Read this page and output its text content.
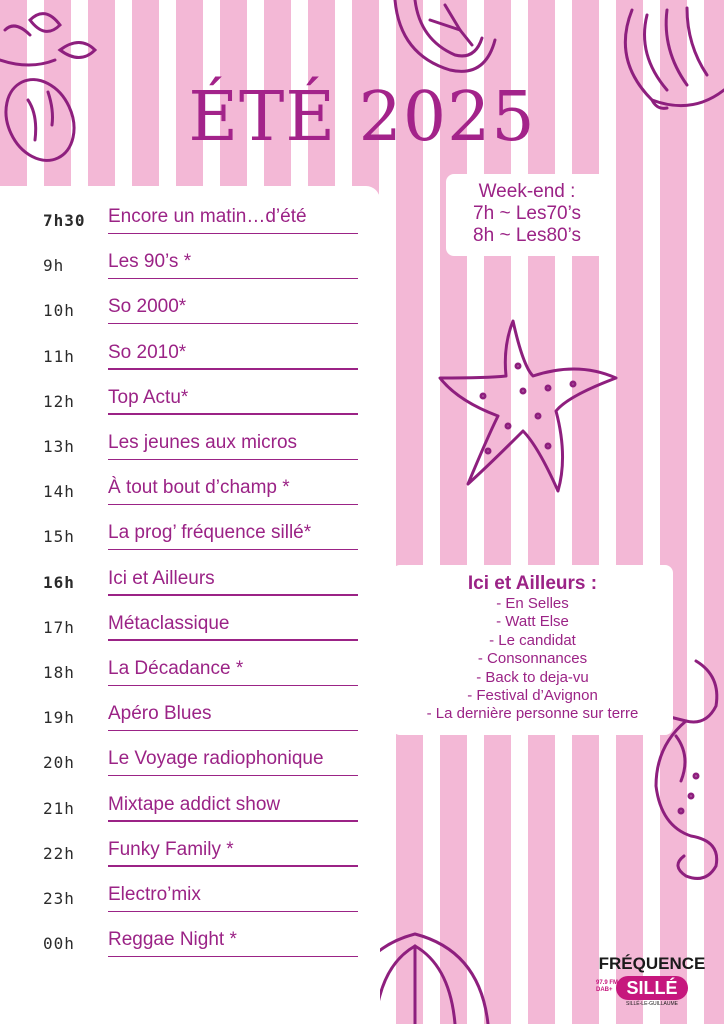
ÉTÉ 2025
7h30 Encore un matin…d’été
9h Les 90’s *
10h So 2000*
11h So 2010*
12h Top Actu*
13h Les jeunes aux micros
14h À tout bout d’champ *
15h La prog’ fréquence sillé*
16h Ici et Ailleurs
17h Métaclassique
18h La Décadance *
19h Apéro Blues
20h Le Voyage radiophonique
21h Mixtape addict show
22h Funky Family *
23h Electro’mix
00h Reggae Night *
Week-end :
7h ~ Les70’s
8h ~ Les80’s
Ici et Ailleurs :
- En Selles
- Watt Else
- Le candidat
- Consonnances
- Back to deja-vu
- Festival d’Avignon
- La dernière personne sur terre
FRÉQUENCE
97.9 FM
DAB+ SILLÉ
SILLÉ-LE-GUILLAUME
